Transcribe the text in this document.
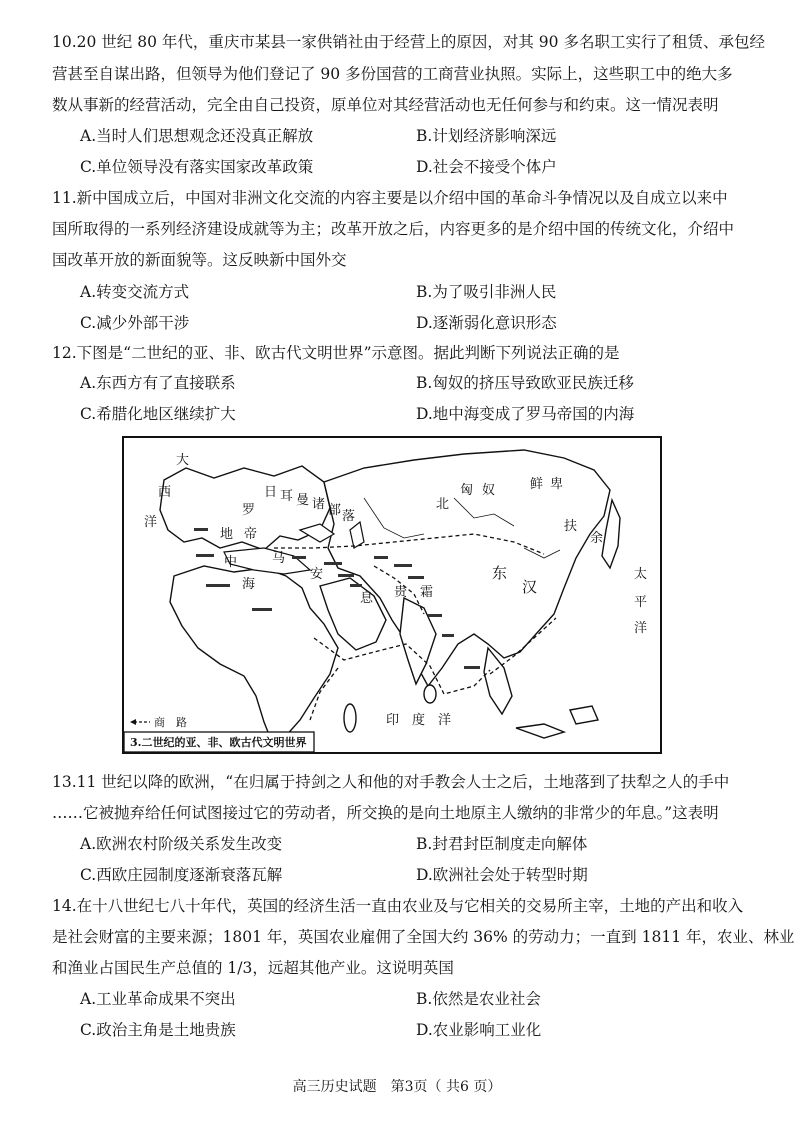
10.20 世纪 80 年代，重庆市某县一家供销社由于经营上的原因，对其 90 多名职工实行了租赁、承包经
营甚至自谋出路，但领导为他们登记了 90 多份国营的工商营业执照。实际上，这些职工中的绝大多
数从事新的经营活动，完全由自己投资，原单位对其经营活动也无任何参与和约束。这一情况表明
A.当时人们思想观念还没真正解放	B.计划经济影响深远
C.单位领导没有落实国家改革政策	D.社会不接受个体户
11.新中国成立后，中国对非洲文化交流的内容主要是以介绍中国的革命斗争情况以及自成立以来中
国所取得的一系列经济建设成就等为主；改革开放之后，内容更多的是介绍中国的传统文化，介绍中
国改革开放的新面貌等。这反映新中国外交
A.转变交流方式	B.为了吸引非洲人民
C.减少外部干涉	D.逐渐弱化意识形态
12.下图是“二世纪的亚、非、欧古代文明世界”示意图。据此判断下列说法正确的是
A.东西方有了直接联系	B.匈奴的挤压导致欧亚民族迁移
C.希腊化地区继续扩大	D.地中海变成了罗马帝国的内海
大
西
洋
罗
马
地
中
海
帝
日 耳 曼 诸 部 落
安
息 贵 霜
北
匈 奴	鲜 卑
扶
余
东
汉
太
平
洋
印 度 洋
商　路
3.二世纪的亚、非、欧古代文明世界
13.11 世纪以降的欧洲，“在归属于持剑之人和他的对手教会人士之后，土地落到了扶犁之人的手中
……它被抛弃给任何试图接过它的劳动者，所交换的是向土地原主人缴纳的非常少的年息。”这表明
A.欧洲农村阶级关系发生改变	B.封君封臣制度走向解体
C.西欧庄园制度逐渐衰落瓦解	D.欧洲社会处于转型时期
14.在十八世纪七八十年代，英国的经济生活一直由农业及与它相关的交易所主宰，土地的产出和收入
是社会财富的主要来源；1801 年，英国农业雇佣了全国大约 36% 的劳动力；一直到 1811 年，农业、林业
和渔业占国民生产总值的 1/3，远超其他产业。这说明英国
A.工业革命成果不突出	B.依然是农业社会
C.政治主角是土地贵族	D.农业影响工业化
高三历史试题　第3页（ 共6 页）
